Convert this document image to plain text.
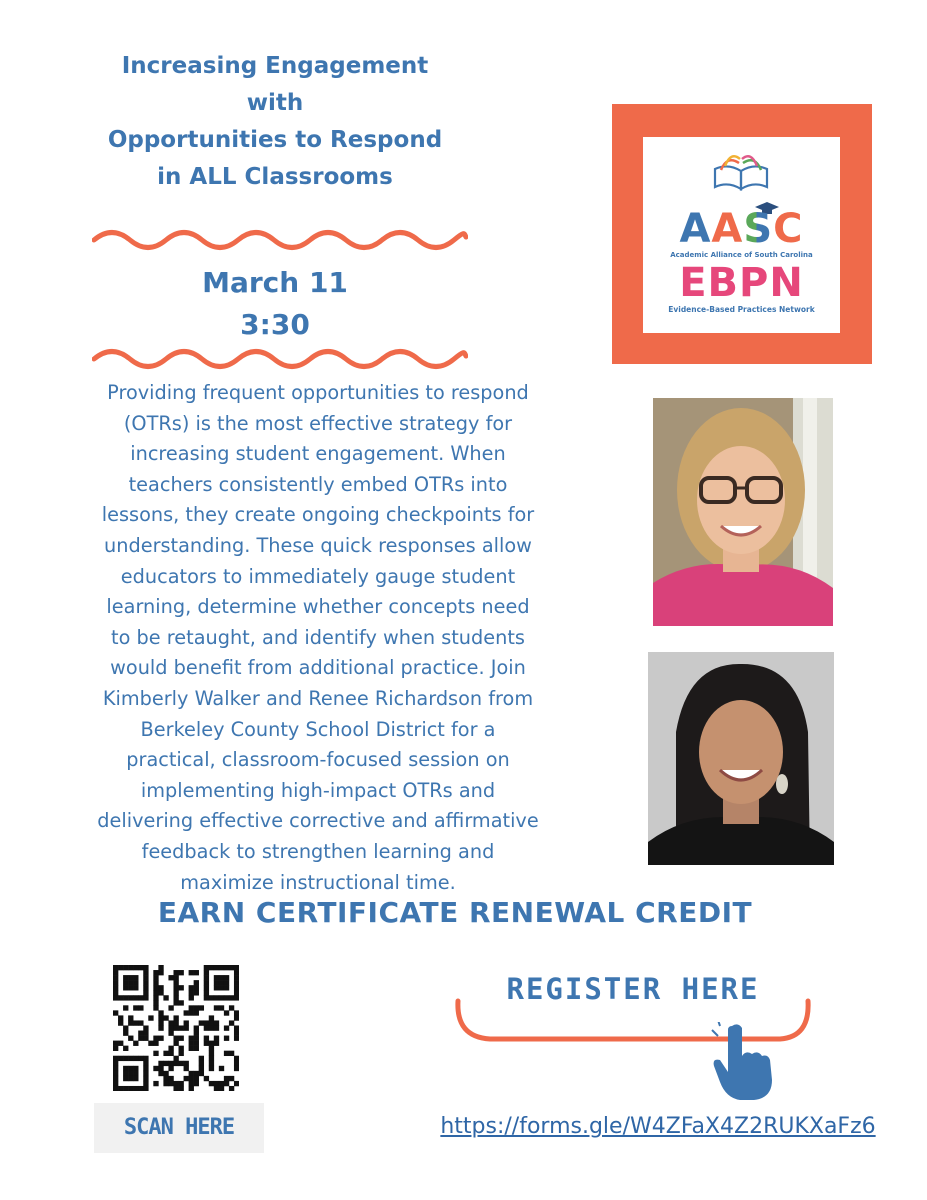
Increasing Engagement
with
Opportunities to Respond
in ALL Classrooms
March 11
3:30
Providing frequent opportunities to respond
(OTRs) is the most effective strategy for
increasing student engagement. When
teachers consistently embed OTRs into
lessons, they create ongoing checkpoints for
understanding. These quick responses allow
educators to immediately gauge student
learning, determine whether concepts need
to be retaught, and identify when students
would benefit from additional practice. Join
Kimberly Walker and Renee Richardson from
Berkeley County School District for a
practical, classroom-focused session on
implementing high-impact OTRs and
delivering effective corrective and affirmative
feedback to strengthen learning and
maximize instructional time.
AASC
Academic Alliance of South Carolina
EBPN
Evidence-Based Practices Network
EARN CERTIFICATE RENEWAL CREDIT
SCAN HERE
REGISTER HERE
https://forms.gle/W4ZFaX4Z2RUKXaFz6
